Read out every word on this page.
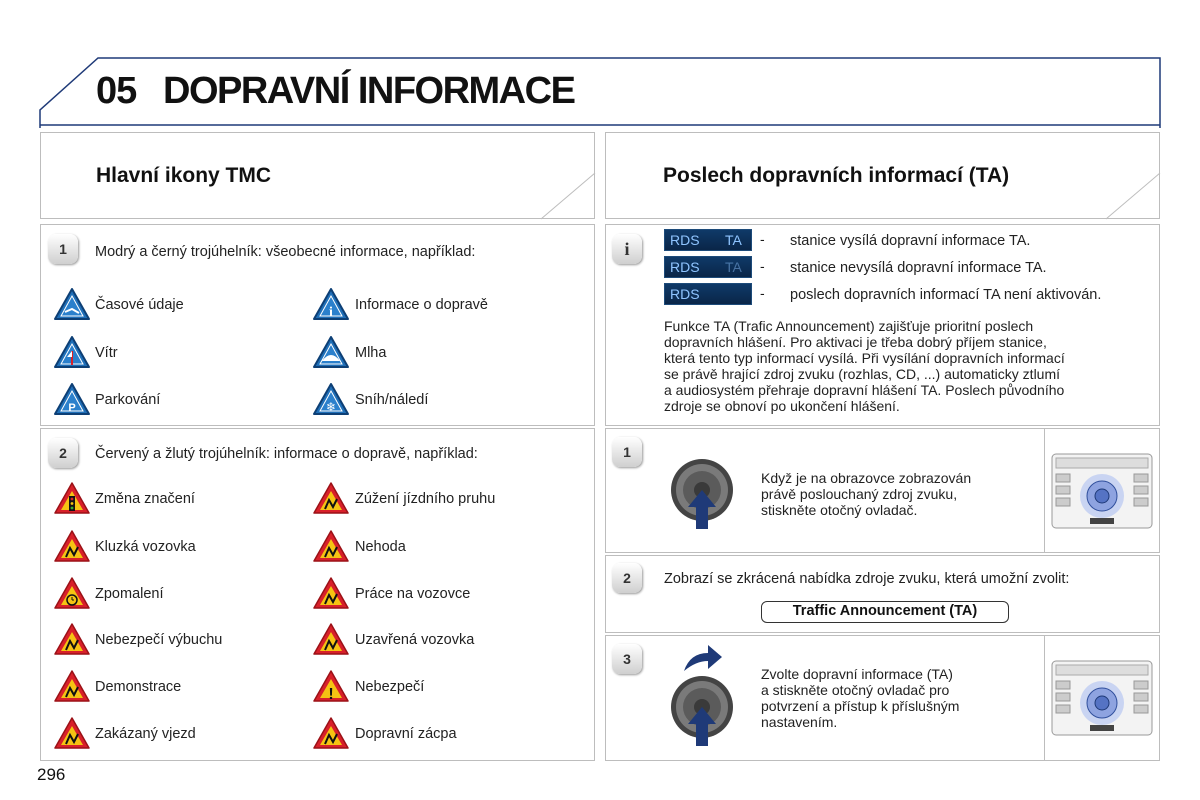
05 DOPRAVNÍ INFORMACE
Hlavní ikony TMC	Poslech dopravních informací (TA)
1	Modrý a černý trojúhelník: všeobecné informace, například:
Časové údaje	i Informace o dopravě
Vítr	Mlha
P Parkování	❄ Sníh/náledí
2	Červený a žlutý trojúhelník: informace o dopravě, například:
Změna značení	Zúžení jízdního pruhu
Kluzká vozovka	Nehoda
Zpomalení	Práce na vozovce
Nebezpečí výbuchu	Uzavřená vozovka
Demonstrace	! Nebezpečí
Zakázaný vjezd	Dopravní zácpa
i	RDS TA - stanice vysílá dopravní informace TA.
RDS TA - stanice nevysílá dopravní informace TA.
RDS	- poslech dopravních informací TA není aktivován.
Funkce TA (Trafic Announcement) zajišťuje prioritní poslech
dopravních hlášení. Pro aktivaci je třeba dobrý příjem stanice,
která tento typ informací vysílá. Při vysílání dopravních informací
se právě hrající zdroj zvuku (rozhlas, CD, ...) automaticky ztlumí
a audiosystém přehraje dopravní hlášení TA. Poslech původního
zdroje se obnoví po ukončení hlášení.
1
Když je na obrazovce zobrazován
právě poslouchaný zdroj zvuku,
stiskněte otočný ovladač.
2	Zobrazí se zkrácená nabídka zdroje zvuku, která umožní zvolit:
Traffic Announcement (TA)
3
Zvolte dopravní informace (TA)
a stiskněte otočný ovladač pro
potvrzení a přístup k příslušným
nastavením.
296
